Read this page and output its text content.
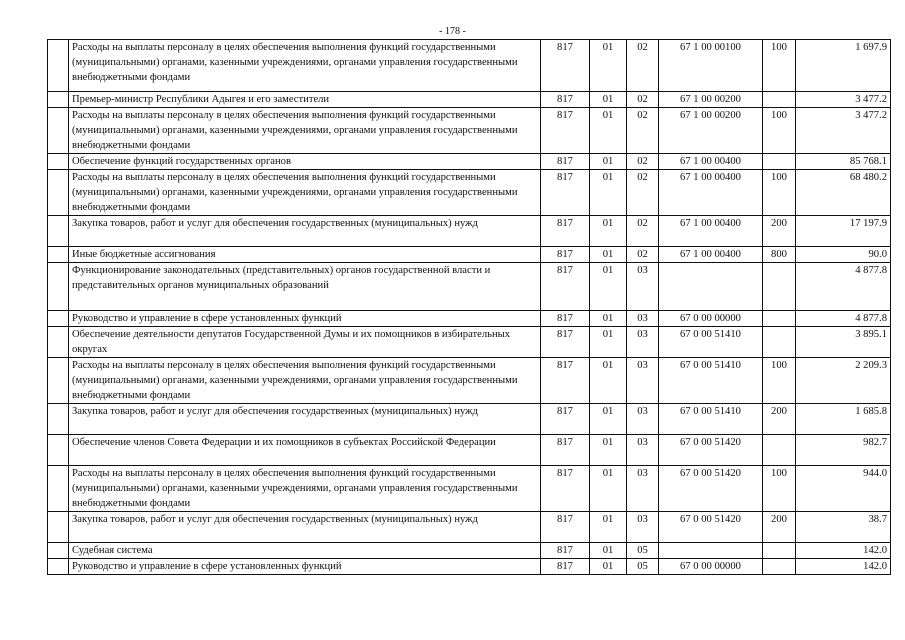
- 178 -
	Расходы на выплаты персоналу в целях обеспечения выполнения функций государственными (муниципальными) органами, казенными учреждениями, органами управления государственными внебюджетными фондами	817	01	02	67 1 00 00100	100	1 697.9
	Премьер-министр Республики Адыгея и его заместители	817	01	02	67 1 00 00200		3 477.2
	Расходы на выплаты персоналу в целях обеспечения выполнения функций государственными (муниципальными) органами, казенными учреждениями, органами управления государственными внебюджетными фондами	817	01	02	67 1 00 00200	100	3 477.2
	Обеспечение функций государственных органов	817	01	02	67 1 00 00400		85 768.1
	Расходы на выплаты персоналу в целях обеспечения выполнения функций государственными (муниципальными) органами, казенными учреждениями, органами управления государственными внебюджетными фондами	817	01	02	67 1 00 00400	100	68 480.2
	Закупка товаров, работ и услуг для обеспечения государственных (муниципальных) нужд	817	01	02	67 1 00 00400	200	17 197.9
	Иные бюджетные ассигнования	817	01	02	67 1 00 00400	800	90.0
	Функционирование законодательных (представительных) органов государственной власти и представительных органов муниципальных образований	817	01	03			4 877.8
	Руководство и управление в сфере установленных функций	817	01	03	67 0 00 00000		4 877.8
	Обеспечение деятельности депутатов Государственной Думы и их помощников в избирательных округах	817	01	03	67 0 00 51410		3 895.1
	Расходы на выплаты персоналу в целях обеспечения выполнения функций государственными (муниципальными) органами, казенными учреждениями, органами управления государственными внебюджетными фондами	817	01	03	67 0 00 51410	100	2 209.3
	Закупка товаров, работ и услуг для обеспечения государственных (муниципальных) нужд	817	01	03	67 0 00 51410	200	1 685.8
	Обеспечение членов Совета Федерации и их помощников в субъектах Российской Федерации	817	01	03	67 0 00 51420		982.7
	Расходы на выплаты персоналу в целях обеспечения выполнения функций государственными (муниципальными) органами, казенными учреждениями, органами управления государственными внебюджетными фондами	817	01	03	67 0 00 51420	100	944.0
	Закупка товаров, работ и услуг для обеспечения государственных (муниципальных) нужд	817	01	03	67 0 00 51420	200	38.7
	Судебная система	817	01	05			142.0
	Руководство и управление в сфере установленных функций	817	01	05	67 0 00 00000		142.0
